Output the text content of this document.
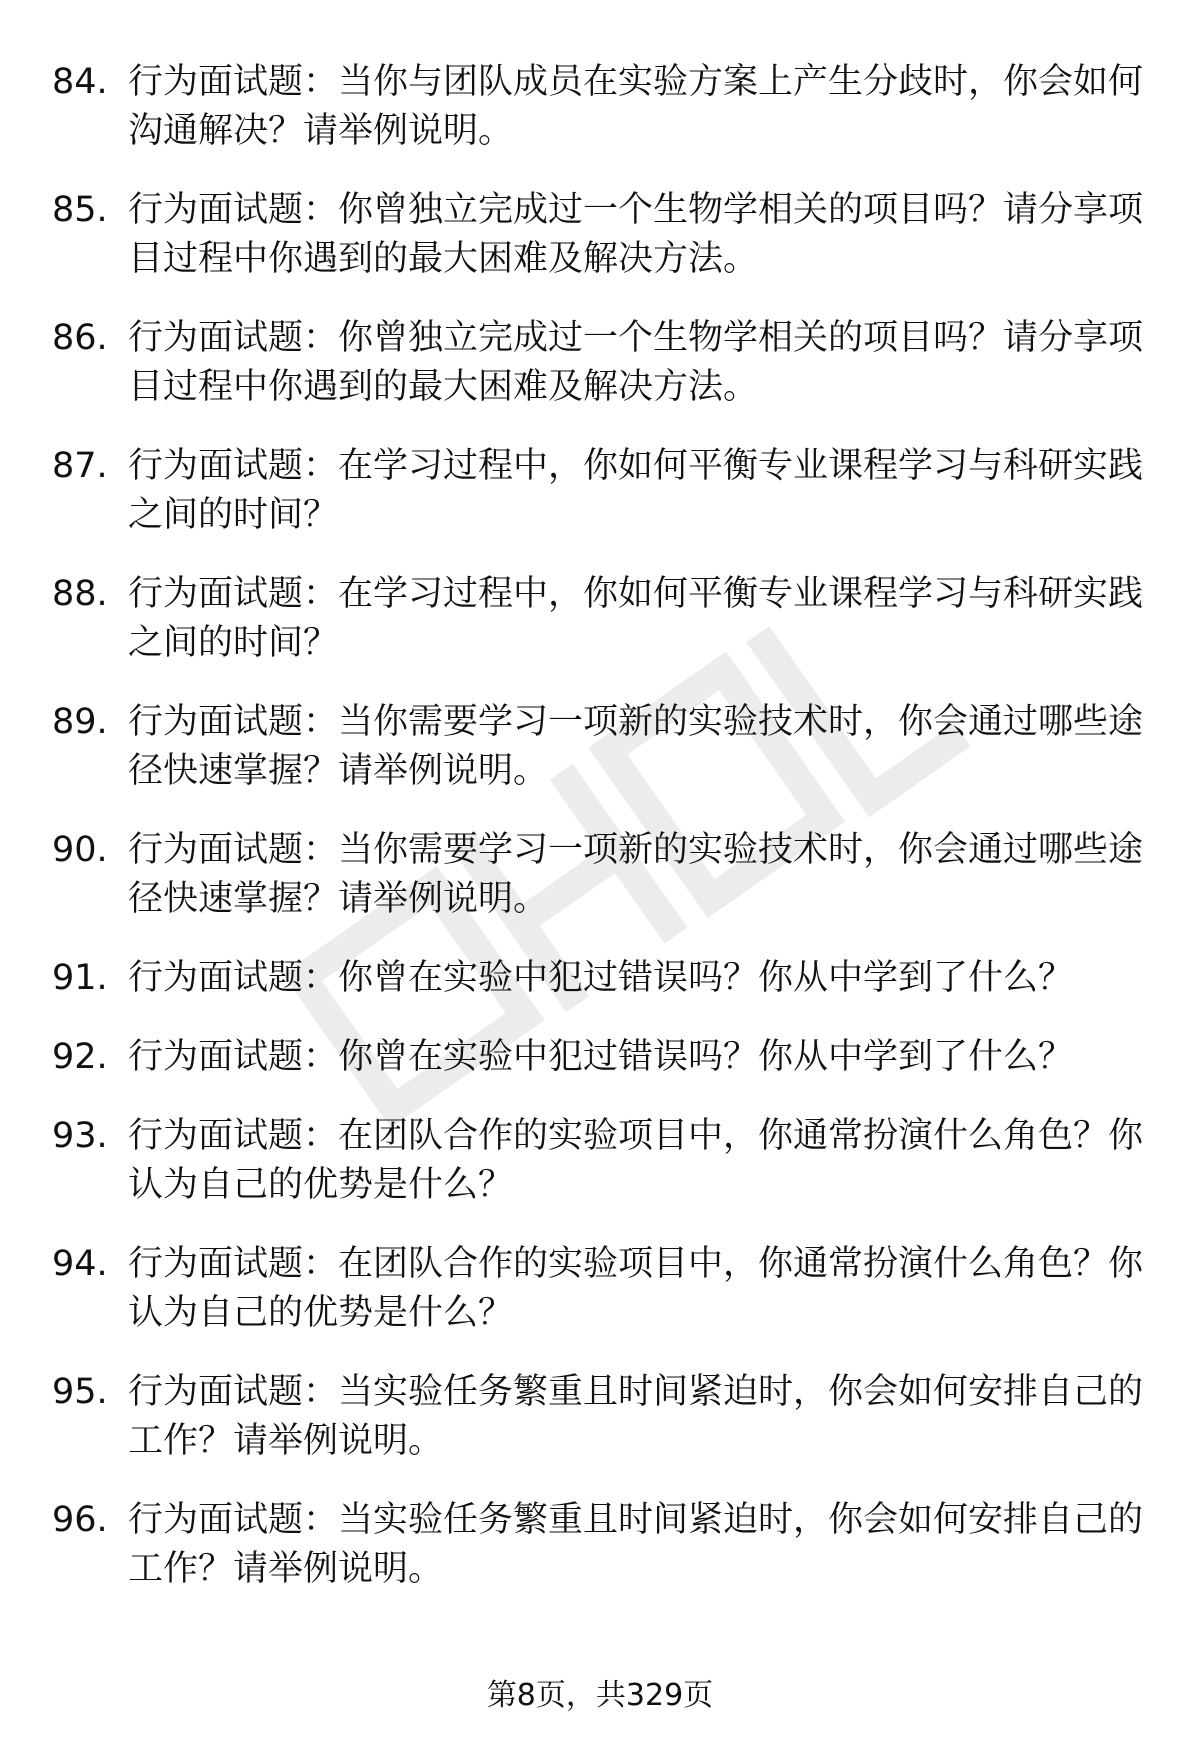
84. 行为面试题：当你与团队成员在实验方案上产生分歧时，你会如何沟通解决？请举例说明。
85. 行为面试题：你曾独立完成过一个生物学相关的项目吗？请分享项目过程中你遇到的最大困难及解决方法。
86. 行为面试题：你曾独立完成过一个生物学相关的项目吗？请分享项目过程中你遇到的最大困难及解决方法。
87. 行为面试题：在学习过程中，你如何平衡专业课程学习与科研实践之间的时间？
88. 行为面试题：在学习过程中，你如何平衡专业课程学习与科研实践之间的时间？
89. 行为面试题：当你需要学习一项新的实验技术时，你会通过哪些途径快速掌握？请举例说明。
90. 行为面试题：当你需要学习一项新的实验技术时，你会通过哪些途径快速掌握？请举例说明。
91. 行为面试题：你曾在实验中犯过错误吗？你从中学到了什么？
92. 行为面试题：你曾在实验中犯过错误吗？你从中学到了什么？
93. 行为面试题：在团队合作的实验项目中，你通常扮演什么角色？你认为自己的优势是什么？
94. 行为面试题：在团队合作的实验项目中，你通常扮演什么角色？你认为自己的优势是什么？
95. 行为面试题：当实验任务繁重且时间紧迫时，你会如何安排自己的工作？请举例说明。
96. 行为面试题：当实验任务繁重且时间紧迫时，你会如何安排自己的工作？请举例说明。
第8页，共329页
